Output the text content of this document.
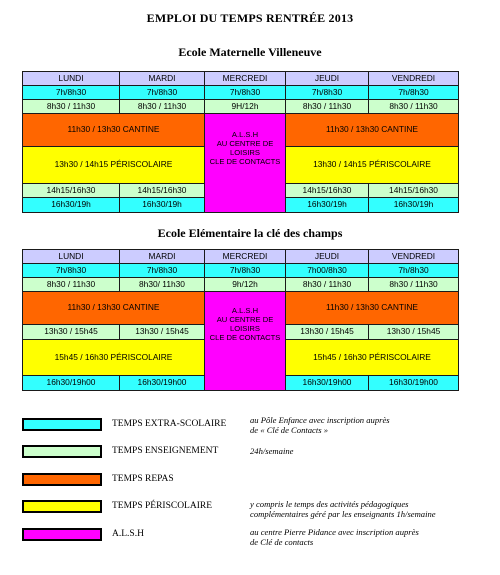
EMPLOI DU TEMPS RENTRÉE 2013
Ecole Maternelle Villeneuve
LUNDI	MARDI	MERCREDI	JEUDI	VENDREDI
7h/8h30	7h/8h30	7h/8h30	7h/8h30	7h/8h30
8h30 / 11h30	8h30 / 11h30	9H/12h	8h30 / 11h30	8h30 / 11h30
11h30 / 13h30 CANTINE	11h30 / 13h30 CANTINE
13h30 / 14h15 PÉRISCOLAIRE	13h30 / 14h15 PÉRISCOLAIRE
A.L.S.H
AU CENTRE DE
LOISIRS
CLE DE CONTACTS
14h15/16h30	14h15/16h30	14h15/16h30	14h15/16h30
16h30/19h	16h30/19h	16h30/19h	16h30/19h
Ecole Elémentaire la clé des champs
LUNDI	MARDI	MERCREDI	JEUDI	VENDREDI
7h/8h30	7h/8h30	7h/8h30	7h00/8h30	7h/8h30
8h30 / 11h30	8h30/ 11h30	9h/12h	8h30 / 11h30	8h30 / 11h30
11h30 / 13h30 CANTINE	11h30 / 13h30 CANTINE
13h30 / 15h45	13h30 / 15h45	13h30 / 15h45	13h30 / 15h45
15h45 / 16h30 PÉRISCOLAIRE	15h45 / 16h30 PÉRISCOLAIRE
A.L.S.H
AU CENTRE DE
LOISIRS
CLE DE CONTACTS
16h30/19h00	16h30/19h00	16h30/19h00	16h30/19h00
TEMPS EXTRA-SCOLAIRE	au Pôle Enfance avec inscription auprès
de « Clé de Contacts »
TEMPS ENSEIGNEMENT	24h/semaine
TEMPS REPAS
TEMPS PÉRISCOLAIRE	y compris le temps des activités pédagogiques
complémentaires géré par les enseignants 1h/semaine
A.L.S.H	au centre Pierre Pidance avec inscription auprès
de Clé de contacts
